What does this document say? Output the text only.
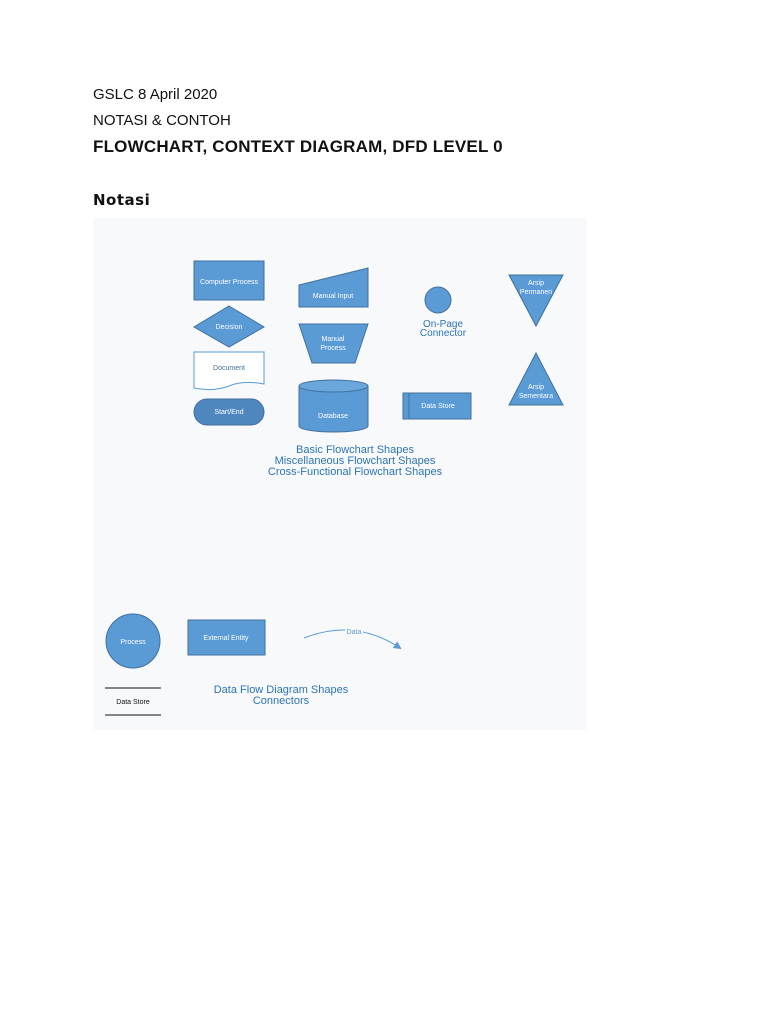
GSLC 8 April 2020
NOTASI & CONTOH
FLOWCHART, CONTEXT DIAGRAM, DFD LEVEL 0
Notasi
Computer Process
Decision
Document
Start/End
Manual Input
Manual
Process
Database
On-Page
Connector
Data Store
Arsip
Permanen
Arsip
Sementara
Basic Flowchart Shapes
Miscellaneous Flowchart Shapes
Cross-Functional Flowchart Shapes
Process
External Entity
Data
Data Store
Data Flow Diagram Shapes
Connectors
